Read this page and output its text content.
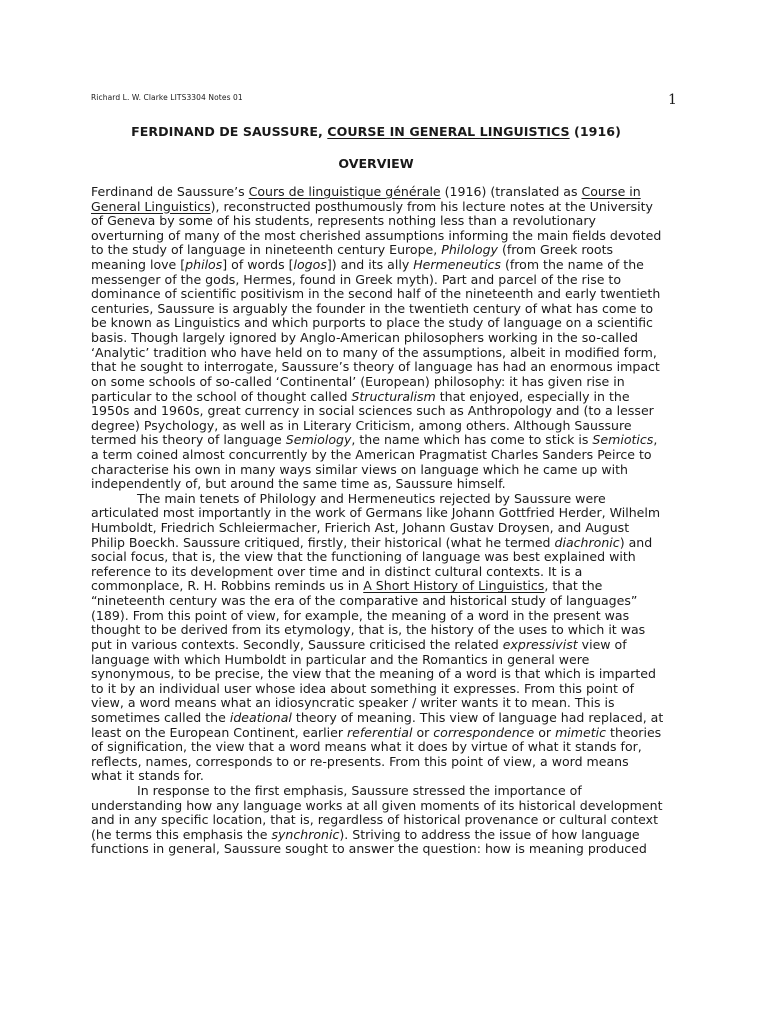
Richard L. W. Clarke LITS3304 Notes 01	1
FERDINAND DE SAUSSURE, COURSE IN GENERAL LINGUISTICS (1916)
OVERVIEW
Ferdinand de Saussure’s Cours de linguistique générale (1916) (translated as Course in
General Linguistics), reconstructed posthumously from his lecture notes at the University
of Geneva by some of his students, represents nothing less than a revolutionary
overturning of many of the most cherished assumptions informing the main fields devoted
to the study of language in nineteenth century Europe, Philology (from Greek roots
meaning love [philos] of words [logos]) and its ally Hermeneutics (from the name of the
messenger of the gods, Hermes, found in Greek myth). Part and parcel of the rise to
dominance of scientific positivism in the second half of the nineteenth and early twentieth
centuries, Saussure is arguably the founder in the twentieth century of what has come to
be known as Linguistics and which purports to place the study of language on a scientific
basis. Though largely ignored by Anglo-American philosophers working in the so-called
‘Analytic’ tradition who have held on to many of the assumptions, albeit in modified form,
that he sought to interrogate, Saussure’s theory of language has had an enormous impact
on some schools of so-called ‘Continental’ (European) philosophy: it has given rise in
particular to the school of thought called Structuralism that enjoyed, especially in the
1950s and 1960s, great currency in social sciences such as Anthropology and (to a lesser
degree) Psychology, as well as in Literary Criticism, among others. Although Saussure
termed his theory of language Semiology, the name which has come to stick is Semiotics,
a term coined almost concurrently by the American Pragmatist Charles Sanders Peirce to
characterise his own in many ways similar views on language which he came up with
independently of, but around the same time as, Saussure himself.
The main tenets of Philology and Hermeneutics rejected by Saussure were
articulated most importantly in the work of Germans like Johann Gottfried Herder, Wilhelm
Humboldt, Friedrich Schleiermacher, Frierich Ast, Johann Gustav Droysen, and August
Philip Boeckh. Saussure critiqued, firstly, their historical (what he termed diachronic) and
social focus, that is, the view that the functioning of language was best explained with
reference to its development over time and in distinct cultural contexts. It is a
commonplace, R. H. Robbins reminds us in A Short History of Linguistics, that the
“nineteenth century was the era of the comparative and historical study of languages”
(189). From this point of view, for example, the meaning of a word in the present was
thought to be derived from its etymology, that is, the history of the uses to which it was
put in various contexts. Secondly, Saussure criticised the related expressivist view of
language with which Humboldt in particular and the Romantics in general were
synonymous, to be precise, the view that the meaning of a word is that which is imparted
to it by an individual user whose idea about something it expresses. From this point of
view, a word means what an idiosyncratic speaker / writer wants it to mean. This is
sometimes called the ideational theory of meaning. This view of language had replaced, at
least on the European Continent, earlier referential or correspondence or mimetic theories
of signification, the view that a word means what it does by virtue of what it stands for,
reflects, names, corresponds to or re-presents. From this point of view, a word means
what it stands for.
In response to the first emphasis, Saussure stressed the importance of
understanding how any language works at all given moments of its historical development
and in any specific location, that is, regardless of historical provenance or cultural context
(he terms this emphasis the synchronic). Striving to address the issue of how language
functions in general, Saussure sought to answer the question: how is meaning produced
